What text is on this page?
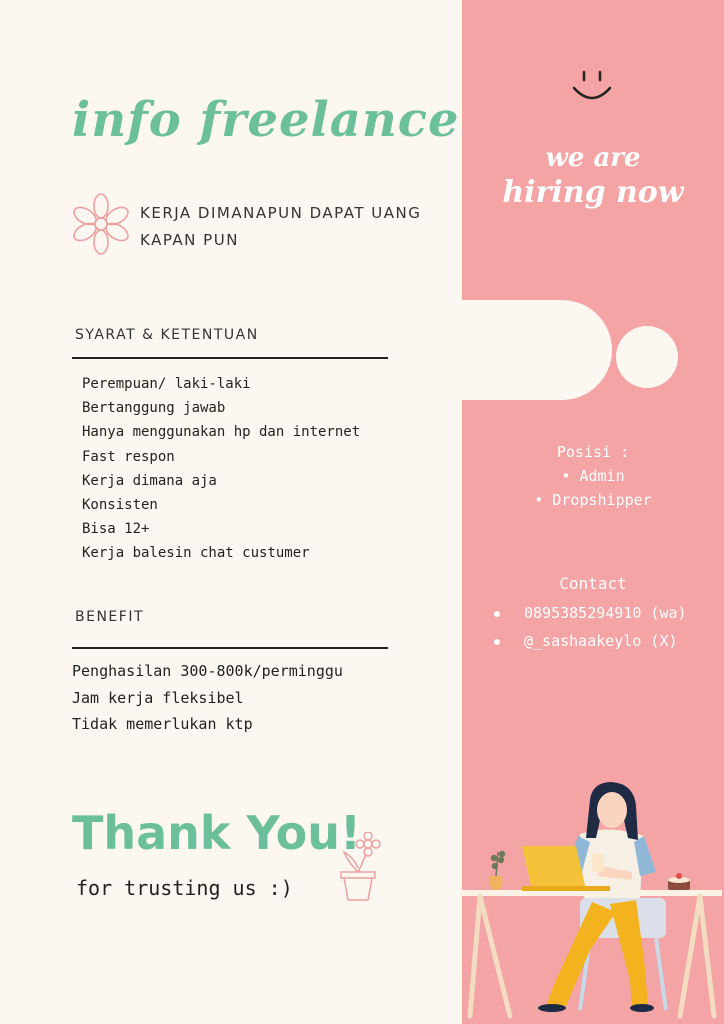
info freelance
KERJA DIMANAPUN DAPAT UANG KAPAN PUN
SYARAT & KETENTUAN
Perempuan/ laki-laki
Bertanggung jawab
Hanya menggunakan hp dan internet
Fast respon
Kerja dimana aja
Konsisten
Bisa 12+
Kerja balesin chat custumer
BENEFIT
Penghasilan 300-800k/perminggu
Jam kerja fleksibel
Tidak memerlukan ktp
Thank You!
for trusting us :)
we are
hiring now
Posisi :
• Admin
• Dropshipper
Contact
0895385294910 (wa)
@_sashaakeylo (X)
